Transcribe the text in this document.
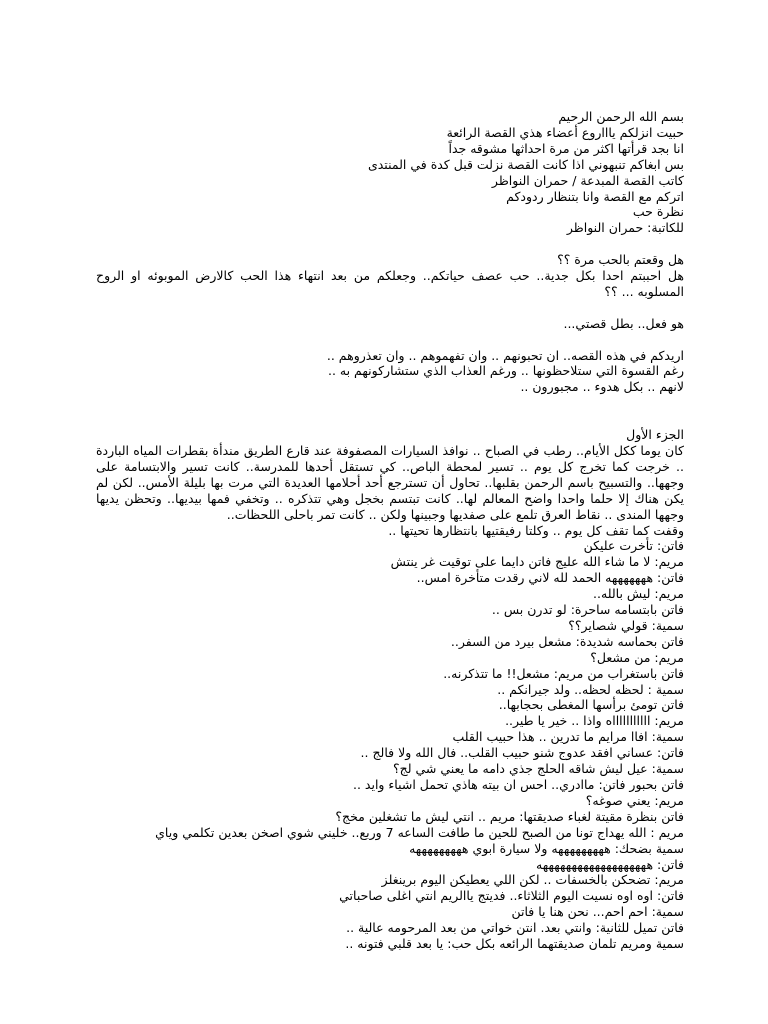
بسم الله الرحمن الرحيم
حبيت انزلكم ياااروع أعضاء هذي القصة الرائعة
انا بجد قرأتها اكثر من مرة احداثها مشوقه جداً
بس ابغاكم تنبهوني اذا كانت القصة نزلت قبل كدة في المنتدى
كاتب القصة المبدعة / حمران النواظر
اتركم مع القصة وانا بتنظار ردودكم
نظرة حب
للكاتبة: حمران النواظر
هل وقعتم بالحب مرة ؟؟
هل احببتم احدا بكل جدية.. حب عصف حياتكم.. وجعلكم من بعد انتهاء هذا الحب كالارض الموبوئه او الروح المسلوبه ... ؟؟
هو فعل.. بطل قصتي...
اريدكم في هذه القصه.. ان تحبونهم .. وان تفهموهم .. وان تعذروهم ..
رغم القسوة التي ستلاحظونها .. ورغم العذاب الذي ستشاركونهم به ..
لانهم .. بكل هدوء .. مجبورون ..
الجزء الأول
كان يوما ككل الأيام.. رطب في الصباح .. نوافذ السيارات المصفوفة عند قارع الطريق مندأة بقطرات المياه الباردة .. خرجت كما تخرج كل يوم .. تسير لمحطة الباص.. كي تستقل أحدها للمدرسة.. كانت تسير والابتسامة على وجهها.. والتسبيح باسم الرحمن بقلبها.. تحاول أن تسترجع أحد أحلامها العديدة التي مرت بها بليلة الأمس.. لكن لم يكن هناك إلا حلما واحدا واضح المعالم لها.. كانت تبتسم بخجل وهي تتذكره .. وتخفي فمها بيديها.. وتحظن يديها وجهها المندى .. نقاط العرق تلمع على صفديها وجبينها ولكن .. كانت تمر باحلى اللحظات..
وقفت كما تقف كل يوم .. وكلتا رفيقتيها بانتظارها تحيتها ..
فاتن: تأخرت عليكن
مريم: لا ما شاء الله عليج فاتن دايما على توقيت غر ينتش
فاتن: هههههههه الحمد لله لاني رقدت متأخرة امس..
مريم: ليش بالله..
فاتن بابتسامه ساحرة: لو تدرن بس ..
سمية: قولي شصاير؟؟
فاتن بحماسه شديدة: مشعل بيرد من السفر..
مريم: من مشعل؟
فاتن باستغراب من مريم: مشعل!! ما تتذكرنه..
سمية : لحظه لحظه.. ولد جيرانكم ..
فاتن تومئ برأسها المغطى بحجابها..
مريم: اااااااااااه واذا .. خير يا طير..
سمية: افاا مرايم ما تدرين .. هذا حبيب القلب
فاتن: عساني افقد عدوج شنو حبيب القلب.. فال الله ولا فالج ..
سمية: عيل ليش شاقه الحلج جذي دامه ما يعني شي لج؟
فاتن بحبور فاتن: ماادري.. احس ان بيته هاذي تحمل اشياء وايد ..
مريم: يعني صوغه؟
فاتن بنظرة مقيتة لغباء صديقتها: مريم .. انتي ليش ما تشغلين مخج؟
مريم : الله يهداج تونا من الصبح للحين ما طافت الساعه 7 وربع.. خليني شوي اصخن بعدين تكلمي وياي
سمية بضحك: هههههههههه ولا سيارة ابوي هههههههههه
فاتن: هههههههههههههههههههه
مريم: تضحكن بالخسفات .. لكن اللي يعطيكن اليوم برينغلز
فاتن: اوه اوه نسيت اليوم الثلاثاء.. فديتج ياالريم انتي اغلى صاحباتي
سمية: احم احم... نحن هنا يا فاتن
فاتن تميل للثانية: وانتي بعد. انتن خواتي من بعد المرحومه عالية ..
سمية ومريم تلمان صديقتهما الرائعه بكل حب: يا بعد قلبي فتونه ..
